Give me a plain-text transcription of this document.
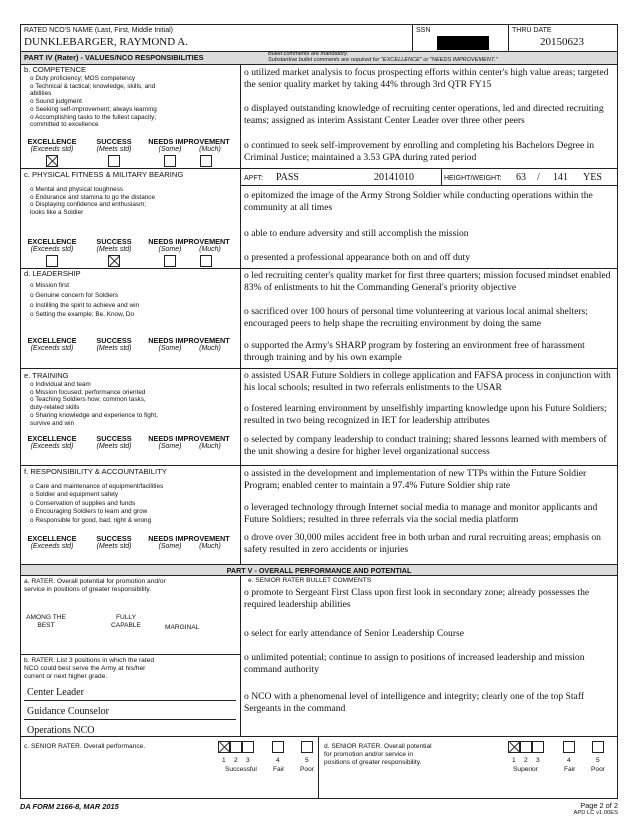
RATED NCO'S NAME (Last, First, Middle Initial)
DUNKLEBARGER, RAYMOND A.
SSN	THRU DATE
20150623
PART IV (Rater) - VALUES/NCO RESPONSIBILITIES	Bullet comments are mandatory.
Substantive bullet comments are required for "EXCELLENCE" or "NEEDS IMPROVEMENT."
b. COMPETENCE
o Duty proficiency; MOS competency
o Technical & tactical; knowledge, skills, and
abilities
o Sound judgment
o Seeking self-improvement; always learning
o Accomplishing tasks to the fullest capacity;
committed to excellence
EXCELLENCE
(Exceeds std)
SUCCESS
(Meets std)
NEEDS IMPROVEMENT
(Some)	(Much)
o utilized market analysis to focus prospecting efforts within center's high value areas; targeted the senior quality market by taking 44% through 3rd QTR FY15
o displayed outstanding knowledge of recruiting center operations, led and directed recruiting teams; assigned as interim Assistant Center Leader over three other peers
o continued to seek self-improvement by enrolling and completing his Bachelors Degree in Criminal Justice; maintained a 3.53 GPA during rated period
c. PHYSICAL FITNESS & MILITARY BEARING
o Mental and physical toughness
o Endurance and stamina to go the distance
o Displaying confidence and enthusiasm;
looks like a Soldier
EXCELLENCE
(Exceeds std)
SUCCESS
(Meets std)
NEEDS IMPROVEMENT
(Some)	(Much)
APFT: PASS	20141010	HEIGHT/WEIGHT: 63 / 141 YES
o epitomized the image of the Army Strong Soldier while conducting operations within the community at all times
o able to endure adversity and still accomplish the mission
o presented a professional appearance both on and off duty
d. LEADERSHIP
o Mission first
o Genuine concern for Soldiers
o Instilling the spirit to achieve and win
o Setting the example; Be, Know, Do
EXCELLENCE
(Exceeds std)
SUCCESS
(Meets std)
NEEDS IMPROVEMENT
(Some)	(Much)
o led recruiting center's quality market for first three quarters; mission focused mindset enabled 83% of enlistments to hit the Commanding General's priority objective
o sacrificed over 100 hours of personal time volunteering at various local animal shelters; encouraged peers to help shape the recruiting environment by doing the same
o supported the Army's SHARP program by fostering an environment free of harassment through training and by his own example
e. TRAINING
o Individual and team
o Mission focused; performance oriented
o Teaching Soldiers how; common tasks,
duty-related skills
o Sharing knowledge and experience to fight,
survive and win
EXCELLENCE
(Exceeds std)
SUCCESS
(Meets std)
NEEDS IMPROVEMENT
(Some)	(Much)
o assisted USAR Future Soldiers in college application and FAFSA process in conjunction with his local schools; resulted in two referrals enlistments to the USAR
o fostered learning environment by unselfishly imparting knowledge upon his Future Soldiers; resulted in two being recognized in IET for leadership attributes
o selected by company leadership to conduct training; shared lessons learned with members of the unit showing a desire for higher level organizational success
f. RESPONSIBILITY & ACCOUNTABILITY
o Care and maintenance of equipment/facilities
o Soldier and equipment safety
o Conservation of supplies and funds
o Encouraging Soldiers to learn and grow
o Responsible for good, bad, right & wrong
EXCELLENCE
(Exceeds std)
SUCCESS
(Meets std)
NEEDS IMPROVEMENT
(Some)	(Much)
o assisted in the development and implementation of new TTPs within the Future Soldier Program; enabled center to maintain a 97.4% Future Soldier ship rate
o leveraged technology through Internet social media to manage and monitor applicants and Future Soldiers; resulted in three referrals via the social media platform
o drove over 30,000 miles accident free in both urban and rural recruiting areas; emphasis on safety resulted in zero accidents or injuries
PART V - OVERALL PERFORMANCE AND POTENTIAL
a. RATER. Overall potential for promotion and/or
service in positions of greater responsibility.
AMONG THE
BEST
FULLY
CAPABLE	MARGINAL
b. RATER. List 3 positions in which the rated
NCO could best serve the Army at his/her
current or next higher grade.
Center Leader
Guidance Counselor
Operations NCO
e. SENIOR RATER BULLET COMMENTS
o promote to Sergeant First Class upon first look in secondary zone; already possesses the required leadership abilities
o select for early attendance of Senior Leadership Course
o unlimited potential; continue to assign to positions of increased leadership and mission command authority
o NCO with a phenomenal level of intelligence and integrity; clearly one of the top Staff Sergeants in the command
c. SENIOR RATER. Overall performance.
1 2 3	4	5
Successful Fair Poor
d. SENIOR RATER. Overall potential
for promotion and/or service in
positions of greater responsibility.	1 2 3	4	5
Superior	Fair Poor
DA FORM 2166-8, MAR 2015	Page 2 of 2
APD LC v1.00ES
